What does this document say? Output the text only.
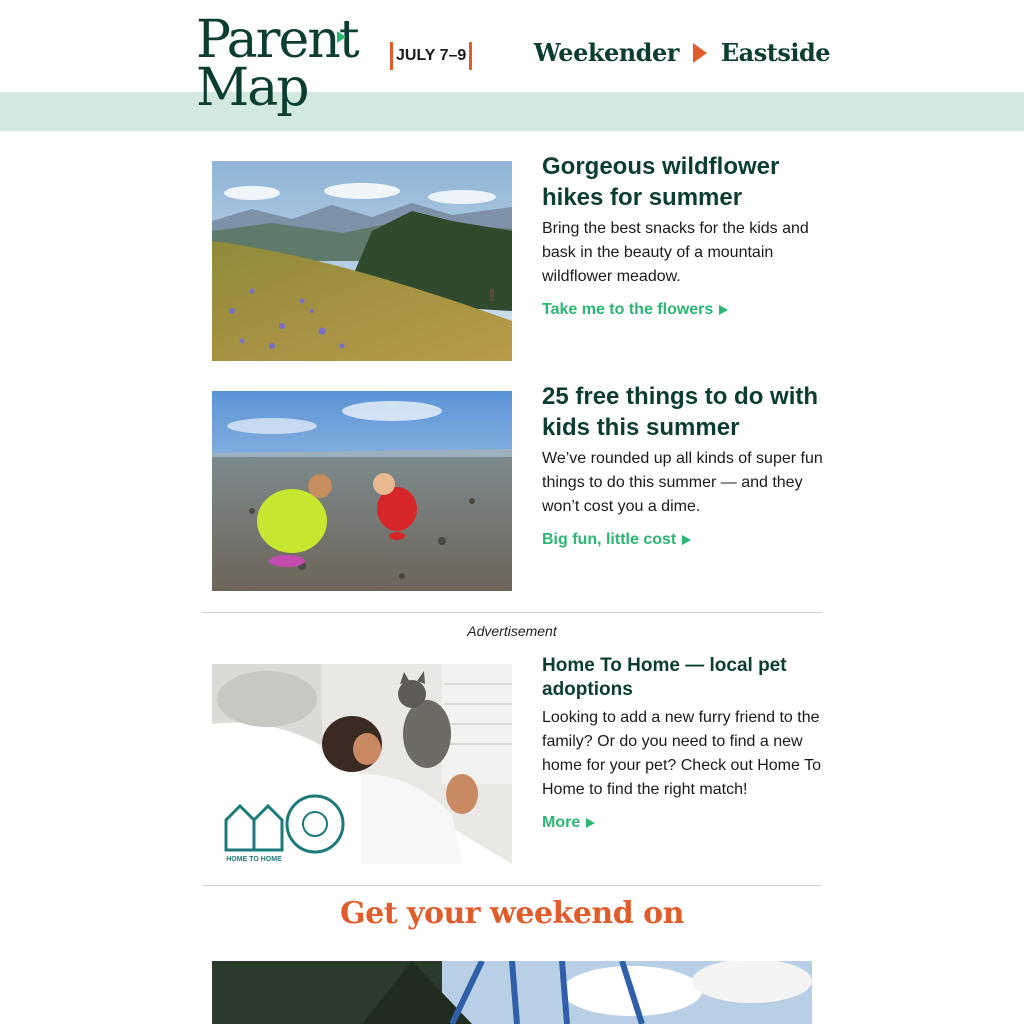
Parent
Map
JULY 7–9	Weekender Eastside
Gorgeous wildflower hikes for summer

Bring the best snacks for the kids and bask in the beauty of a mountain wildflower meadow.

Take me to the flowers
25 free things to do with kids this summer

We’ve rounded up all kinds of super fun things to do this summer — and they won’t cost you a dime.

Big fun, little cost
Advertisement
HOME TO HOME
Home To Home — local pet adoptions

Looking to add a new furry friend to the family? Or do you need to find a new home for your pet? Check out Home To Home to find the right match!

More
Get your weekend on
